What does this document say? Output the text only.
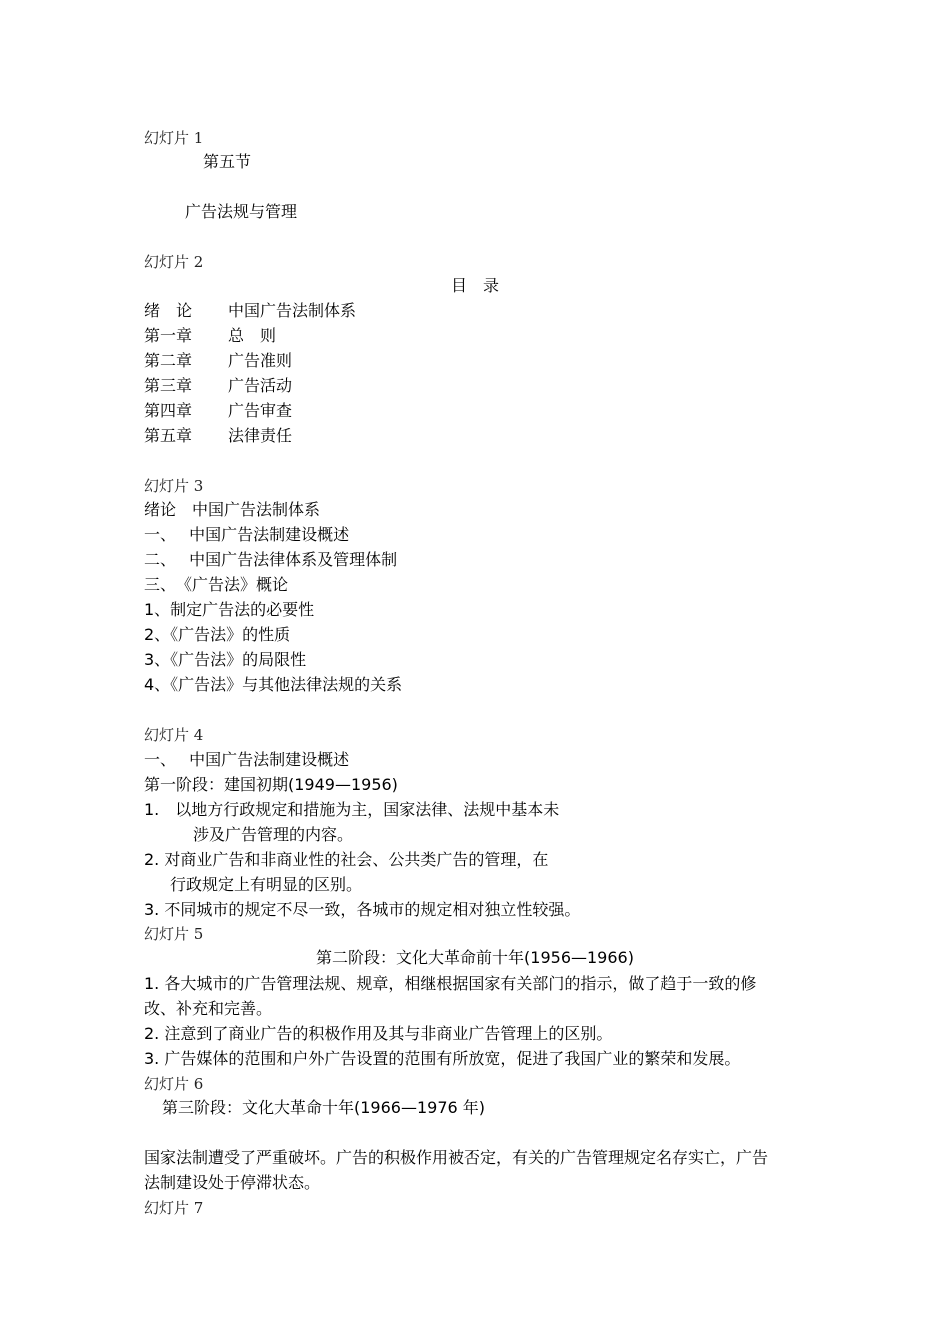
幻灯片 1
第五节
广告法规与管理
幻灯片 2
目　录
绪　论 中国广告法制体系
第一章 总　则
第二章 广告准则
第三章 广告活动
第四章 广告审查
第五章 法律责任
幻灯片 3
绪论　中国广告法制体系
一、　 中国广告法制建设概述
二、　 中国广告法律体系及管理体制
三、　《广告法》概论
1、制定广告法的必要性
2、《广告法》的性质
3、《广告法》的局限性
4、《广告法》与其他法律法规的关系
幻灯片 4
一、　 中国广告法制建设概述
第一阶段：建国初期(1949—1956)
1.　以地方行政规定和措施为主，国家法律、法规中基本未
涉及广告管理的内容。
2. 对商业广告和非商业性的社会、公共类广告的管理，在
行政规定上有明显的区别。
3. 不同城市的规定不尽一致，各城市的规定相对独立性较强。
幻灯片 5
第二阶段：文化大革命前十年(1956—1966)
1. 各大城市的广告管理法规、规章，相继根据国家有关部门的指示，做了趋于一致的修
改、补充和完善。
2. 注意到了商业广告的积极作用及其与非商业广告管理上的区别。
3. 广告媒体的范围和户外广告设置的范围有所放宽，促进了我国广业的繁荣和发展。
幻灯片 6
第三阶段：文化大革命十年(1966—1976 年)
国家法制遭受了严重破坏。广告的积极作用被否定，有关的广告管理规定名存实亡，广告
法制建设处于停滞状态。
幻灯片 7
